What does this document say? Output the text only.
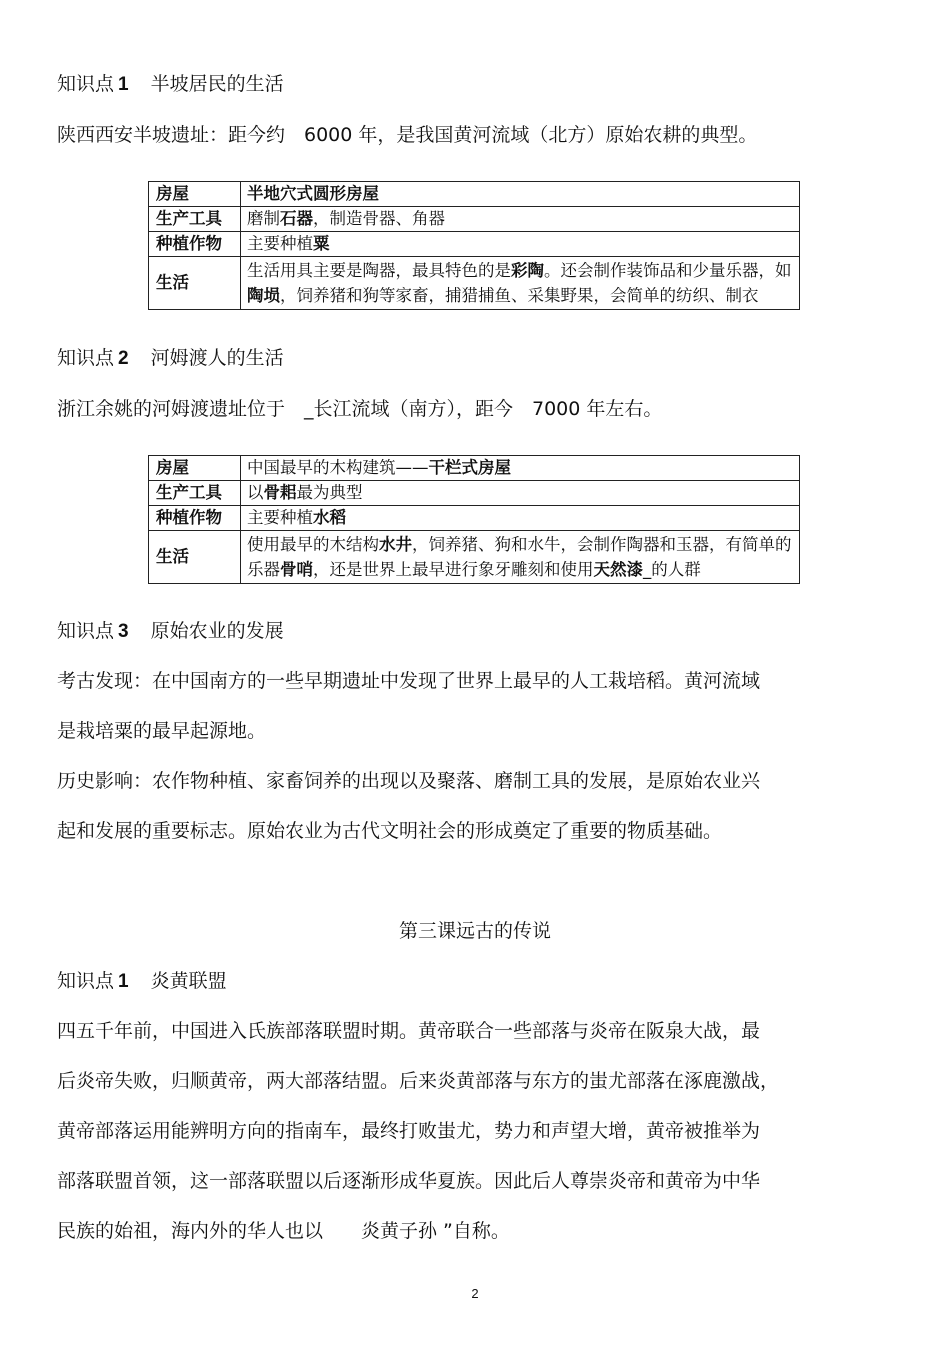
知识点 1 半坡居民的生活
陕西西安半坡遗址：距今约　6000 年，是我国黄河流域（北方）原始农耕的典型。
房屋	半地穴式圆形房屋
生产工具	磨制石器，制造骨器、角器
种植作物	主要种植粟
生活	生活用具主要是陶器，最具特色的是彩陶。还会制作装饰品和少量乐器，如陶埙，饲养猪和狗等家畜，捕猎捕鱼、采集野果，会简单的纺织、制衣
知识点 2 河姆渡人的生活
浙江余姚的河姆渡遗址位于　_长江流域（南方），距今　7000 年左右。
房屋	中国最早的木构建筑——干栏式房屋
生产工具	以骨耜最为典型
种植作物	主要种植水稻
生活	使用最早的木结构水井，饲养猪、狗和水牛，会制作陶器和玉器，有简单的乐器骨哨，还是世界上最早进行象牙雕刻和使用天然漆_的人群
知识点 3 原始农业的发展
考古发现：在中国南方的一些早期遗址中发现了世界上最早的人工栽培稻。黄河流域
是栽培粟的最早起源地。
历史影响：农作物种植、家畜饲养的出现以及聚落、磨制工具的发展，是原始农业兴
起和发展的重要标志。原始农业为古代文明社会的形成奠定了重要的物质基础。
第三课远古的传说
知识点 1 炎黄联盟
四五千年前，中国进入氏族部落联盟时期。黄帝联合一些部落与炎帝在阪泉大战，最
后炎帝失败，归顺黄帝，两大部落结盟。后来炎黄部落与东方的蚩尤部落在涿鹿激战，
黄帝部落运用能辨明方向的指南车，最终打败蚩尤，势力和声望大增，黄帝被推举为
部落联盟首领，这一部落联盟以后逐渐形成华夏族。因此后人尊崇炎帝和黄帝为中华
民族的始祖，海内外的华人也以　　炎黄子孙 ”自称。
2
